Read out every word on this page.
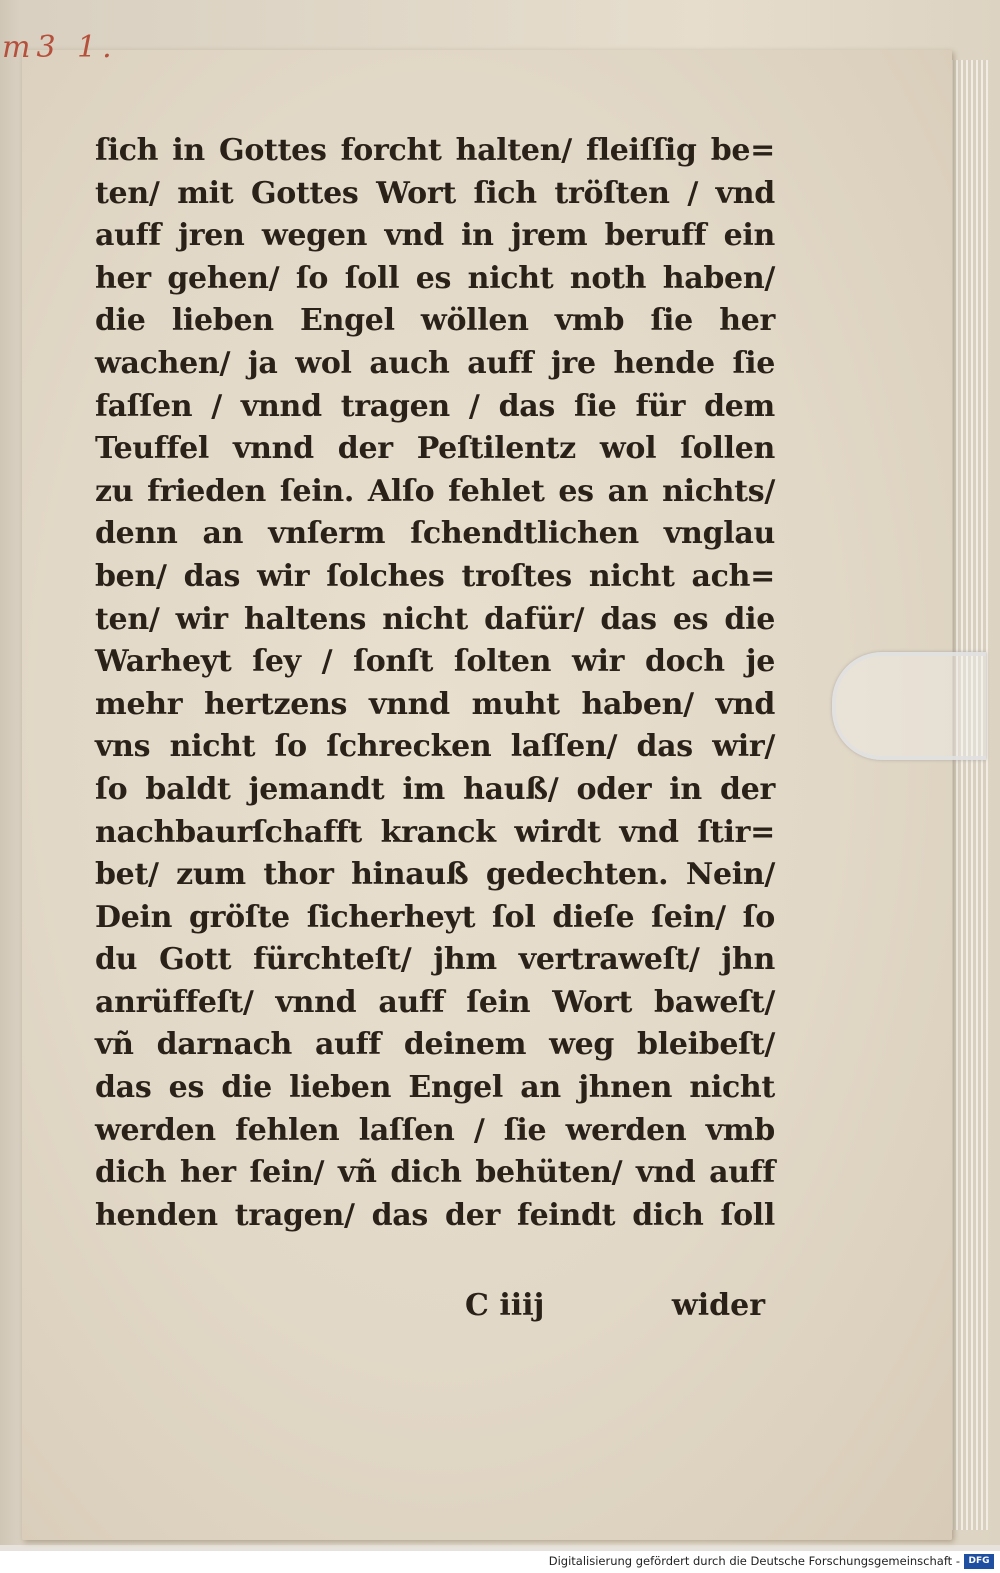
m3 1.
ſich in Gottes forcht halten/ fleiſſig be=
ten/ mit Gottes Wort ſich tröſten / vnd
auff jren wegen vnd in jrem beruff ein
her gehen/ ſo ſoll es nicht noth haben/
die lieben Engel wöllen vmb ſie her
wachen/ ja wol auch auff jre hende ſie
faſſen / vnnd tragen / das ſie für dem
Teuffel vnnd der Peſtilentz wol ſollen
zu frieden ſein. Alſo fehlet es an nichts/
denn an vnſerm ſchendtlichen vnglau
ben/ das wir ſolches troſtes nicht ach=
ten/ wir haltens nicht dafür/ das es die
Warheyt ſey / ſonſt ſolten wir doch je
mehr hertzens vnnd muht haben/ vnd
vns nicht ſo ſchrecken laſſen/ das wir/
ſo baldt jemandt im hauß/ oder in der
nachbaurſchafft kranck wirdt vnd ſtir=
bet/ zum thor hinauß gedechten. Nein/
Dein gröſte ſicherheyt ſol dieſe ſein/ ſo
du Gott fürchteſt/ jhm vertraweſt/ jhn
anrüffeſt/ vnnd auff ſein Wort baweſt/
vñ darnach auff deinem weg bleibeſt/
das es die lieben Engel an jhnen nicht
werden fehlen laſſen / ſie werden vmb
dich her ſein/ vñ dich behüten/ vnd auff
henden tragen/ das der feindt dich ſoll
C iiij	wider
Digitalisierung gefördert durch die Deutsche Forschungsgemeinschaft - DFG
